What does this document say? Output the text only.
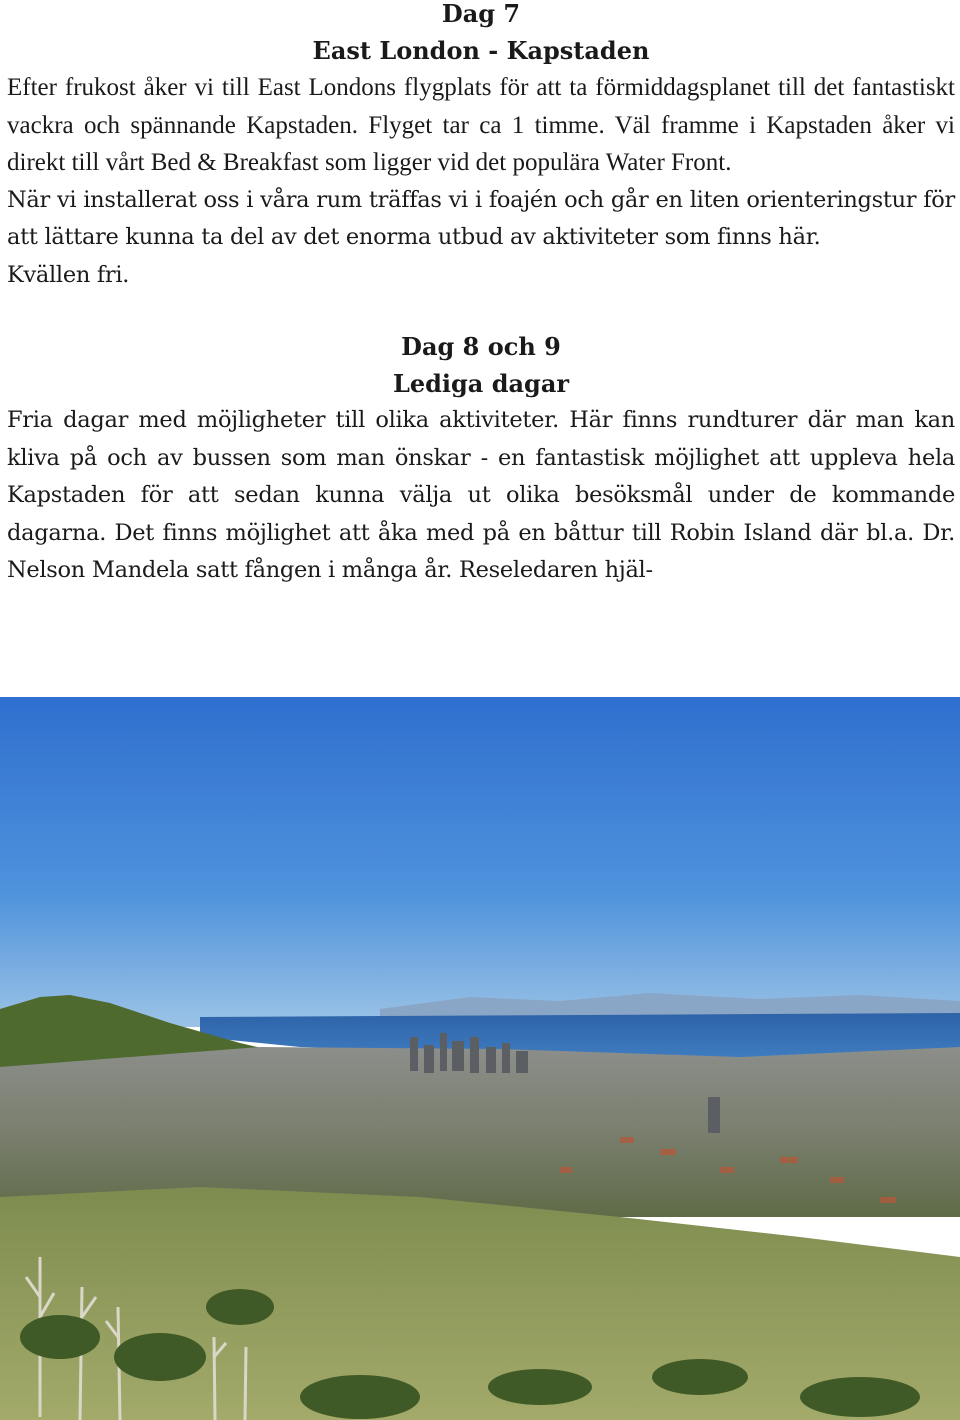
Dag 7
East London - Kapstaden

Efter frukost åker vi till East Londons flygplats för att ta förmiddagsplanet till det fantastiskt vackra och spännande Kapstaden. Flyget tar ca 1 timme. Väl framme i Kapstaden åker vi direkt till vårt Bed & Breakfast som ligger vid det populära Water Front.

När vi installerat oss i våra rum träffas vi i foajén och går en liten orienteringstur för att lättare kunna ta del av det enorma utbud av aktiviteter som finns här.

Kvällen fri.

Dag 8 och 9
Lediga dagar

Fria dagar med möjligheter till olika aktiviteter. Här finns rundturer där man kan kliva på och av bussen som man önskar - en fantastisk möjlighet att uppleva hela Kapstaden för att sedan kunna välja ut olika besöksmål under de kommande dagarna. Det finns möjlighet att åka med på en båttur till Robin Island där bl.a. Dr. Nelson Mandela satt fången i många år. Reseledaren hjäl-
